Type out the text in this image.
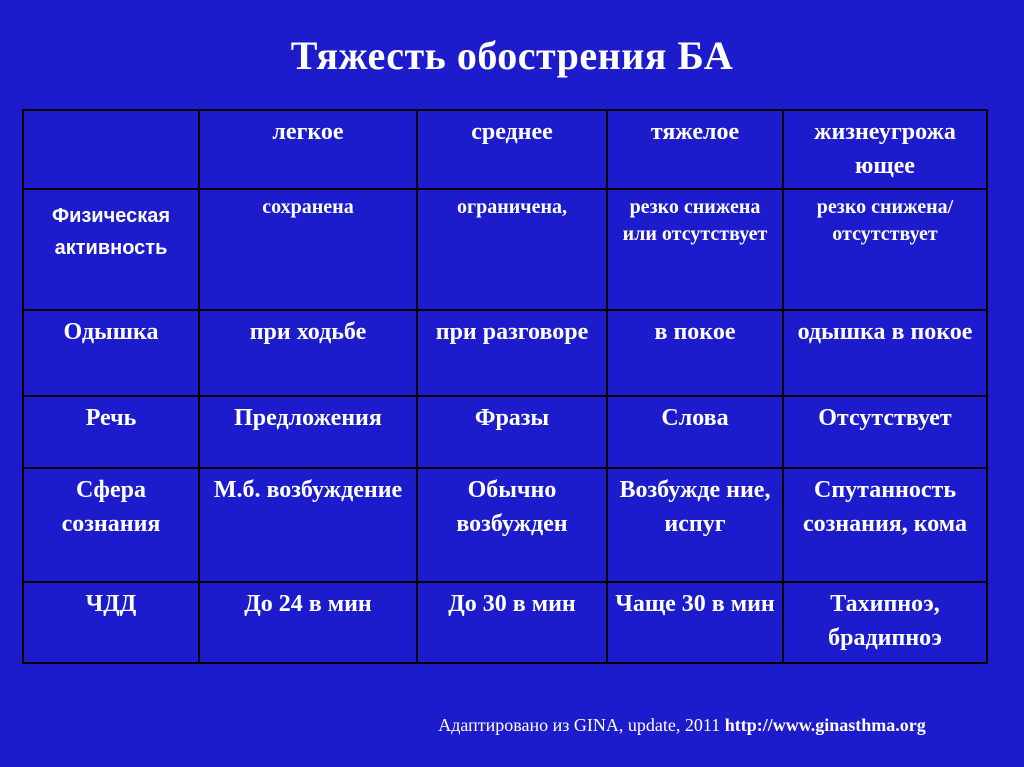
Тяжесть обострения БА
	легкое	среднее	тяжелое	жизнеугрожа ющее
Физическая активность	сохранена	ограничена,	резко снижена или отсутствует	резко снижена/ отсутствует
Одышка	при ходьбе	при разговоре	в покое	одышка в покое
Речь	Предложения	Фразы	Слова	Отсутствует
Сфера сознания	М.б. возбуждение	Обычно возбужден	Возбужде ние, испуг	Спутанность сознания, кома
ЧДД	До 24 в мин	До 30 в мин	Чаще 30 в мин	Тахипноэ, брадипноэ
Адаптировано из GINA, update, 2011 http://www.ginasthma.org
